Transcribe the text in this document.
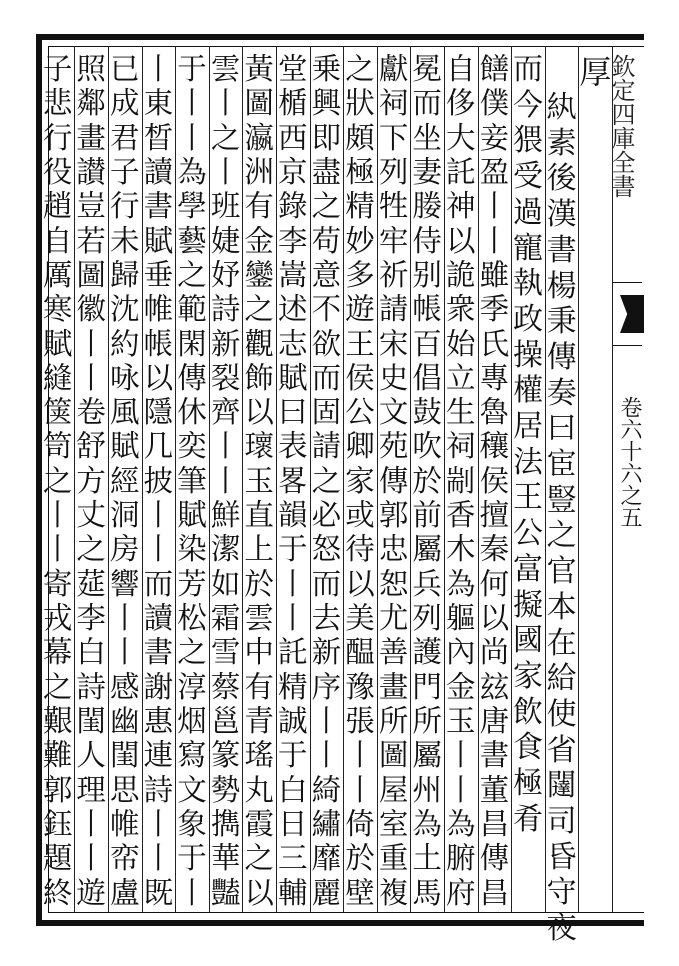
欽定四庫全書
卷六十六之五
厚
紈
素
後
漢
書
楊
秉
傳
奏
曰
宦
豎
之
官
本
在
給
使
省
闥
司
昏
守
夜
而
今
猥
受
過
寵
執
政
操
權
居
法
王
公
富
擬
國
家
飲
食
極
肴
饍
僕
妾
盈
丨
丨
雖
季
氏
專
魯
穰
侯
擅
秦
何
以
尚
玆
唐
書
董
昌
傳
昌
自
侈
大
託
神
以
詭
衆
始
立
生
祠
剬
香
木
為
軀
內
金
玉
丨
丨
為
腑
府
冕
而
坐
妻
媵
侍
别
帳
百
倡
鼔
吹
於
前
屬
兵
列
護
門
所
屬
州
為
土
馬
獻
祠
下
列
牲
牢
祈
請
宋
史
文
苑
傳
郭
忠
恕
尤
善
畫
所
圖
屋
室
重
複
之
狀
頗
極
精
妙
多
遊
王
侯
公
卿
家
或
待
以
美
醖
豫
張
丨
丨
倚
於
壁
乗
興
即
盡
之
苟
意
不
欲
而
固
請
之
必
怒
而
去
新
序
丨
丨
綺
繡
靡
麗
堂
楯
西
京
錄
李
嵩
述
志
賦
曰
表
畧
韻
于
丨
丨
託
精
誠
于
白
日
三
輔
黃
圖
瀛
洲
有
金
鑾
之
觀
飾
以
瓌
玉
直
上
於
雲
中
有
青
瑤
丸
霞
之
以
雲
丨
之
丨
班
婕
妤
詩
新
裂
齊
丨
丨
鮮
潔
如
霜
雪
蔡
邕
篆
勢
擕
華
豔
于
丨
丨
為
學
藝
之
範
閑
傳
休
奕
筆
賦
染
芳
松
之
淳
烟
寫
文
象
于
丨
丨
東
晳
讀
書
賦
垂
帷
帳
以
隱
几
披
丨
丨
而
讀
書
謝
惠
連
詩
丨
丨
既
已
成
君
子
行
未
歸
沈
約
咏
風
賦
經
洞
房
響
丨
丨
感
幽
閨
思
帷
帟
盧
照
鄰
畫
讃
豈
若
圖
徽
丨
丨
卷
舒
方
丈
之
莚
李
白
詩
閨
人
理
丨
丨
遊
子
悲
行
役
趙
自
厲
寒
賦
縫
箧
笥
之
丨
丨
寄
戎
幕
之
艱
難
郭
鈺
題
終
